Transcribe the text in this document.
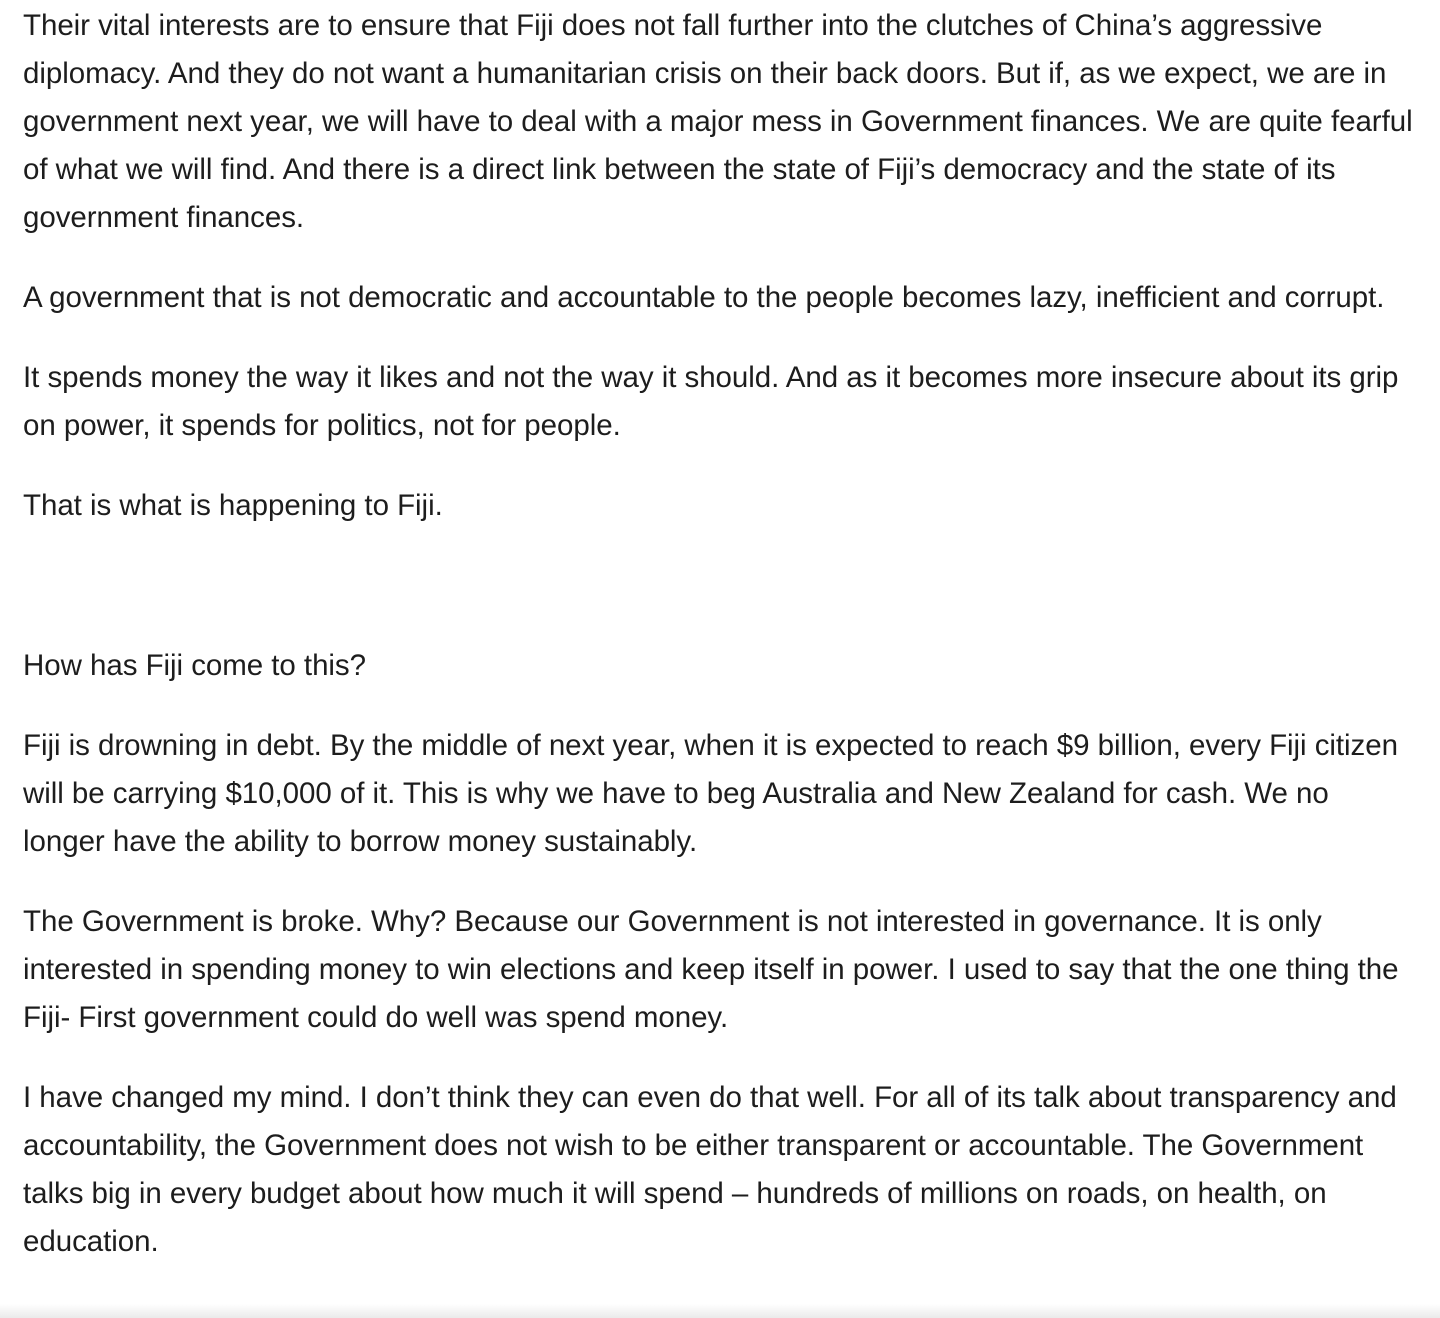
Their vital interests are to ensure that Fiji does not fall further into the clutches of China’s aggressive diplomacy. And they do not want a humanitarian crisis on their back doors. But if, as we expect, we are in government next year, we will have to deal with a major mess in Government finances. We are quite fearful of what we will find. And there is a direct link between the state of Fiji’s democracy and the state of its government finances.

A government that is not democratic and accountable to the people becomes lazy, inefficient and corrupt.

It spends money the way it likes and not the way it should. And as it becomes more insecure about its grip on power, it spends for politics, not for people.

That is what is happening to Fiji.

How has Fiji come to this?

Fiji is drowning in debt. By the middle of next year, when it is expected to reach $9 billion, every Fiji citizen will be carrying $10,000 of it. This is why we have to beg Australia and New Zealand for cash. We no longer have the ability to borrow money sustainably.

The Government is broke. Why? Because our Government is not interested in governance. It is only interested in spending money to win elections and keep itself in power. I used to say that the one thing the Fiji- First government could do well was spend money.

I have changed my mind. I don’t think they can even do that well. For all of its talk about transparency and accountability, the Government does not wish to be either transparent or accountable. The Government talks big in every budget about how much it will spend – hundreds of millions on roads, on health, on education.
